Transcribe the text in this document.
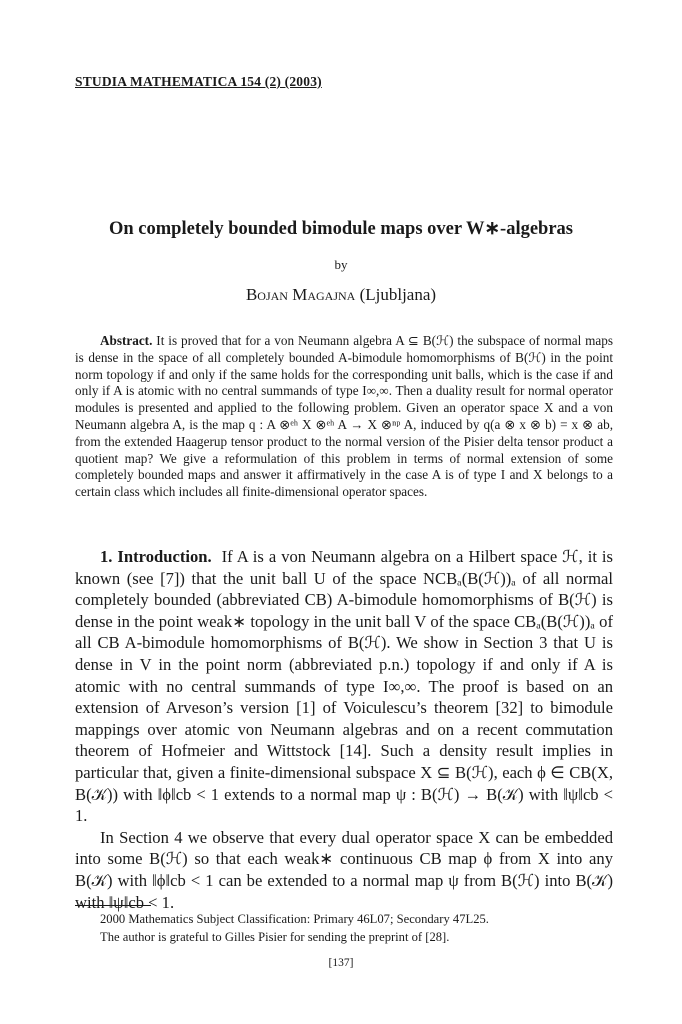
STUDIA MATHEMATICA 154 (2) (2003)
On completely bounded bimodule maps over W∗-algebras
by
Bojan Magajna (Ljubljana)
Abstract. It is proved that for a von Neumann algebra A ⊆ B(ℋ) the subspace of normal maps is dense in the space of all completely bounded A-bimodule homomorphisms of B(ℋ) in the point norm topology if and only if the same holds for the corresponding unit balls, which is the case if and only if A is atomic with no central summands of type I∞,∞. Then a duality result for normal operator modules is presented and applied to the following problem. Given an operator space X and a von Neumann algebra A, is the map q : A ⊗ᵉʰ X ⊗ᵉʰ A → X ⊗ⁿᵖ A, induced by q(a ⊗ x ⊗ b) = x ⊗ ab, from the extended Haagerup tensor product to the normal version of the Pisier delta tensor product a quotient map? We give a reformulation of this problem in terms of normal extension of some completely bounded maps and answer it affirmatively in the case A is of type I and X belongs to a certain class which includes all finite-dimensional operator spaces.

1. Introduction. If A is a von Neumann algebra on a Hilbert space ℋ, it is known (see [7]) that the unit ball U of the space NCBₐ(B(ℋ))ₐ of all normal completely bounded (abbreviated CB) A-bimodule homomorphisms of B(ℋ) is dense in the point weak∗ topology in the unit ball V of the space CBₐ(B(ℋ))ₐ of all CB A-bimodule homomorphisms of B(ℋ). We show in Section 3 that U is dense in V in the point norm (abbreviated p.n.) topology if and only if A is atomic with no central summands of type I∞,∞. The proof is based on an extension of Arveson’s version [1] of Voiculescu’s theorem [32] to bimodule mappings over atomic von Neumann algebras and on a recent commutation theorem of Hofmeier and Wittstock [14]. Such a density result implies in particular that, given a finite-dimensional subspace X ⊆ B(ℋ), each ϕ ∈ CB(X, B(𝒦)) with ‖ϕ‖cb < 1 extends to a normal map ψ : B(ℋ) → B(𝒦) with ‖ψ‖cb < 1.

In Section 4 we observe that every dual operator space X can be embedded into some B(ℋ) so that each weak∗ continuous CB map ϕ from X into any B(𝒦) with ‖ϕ‖cb < 1 can be extended to a normal map ψ from B(ℋ) into B(𝒦) with ‖ψ‖cb < 1.

2000 Mathematics Subject Classification: Primary 46L07; Secondary 47L25.
The author is grateful to Gilles Pisier for sending the preprint of [28].
[137]
